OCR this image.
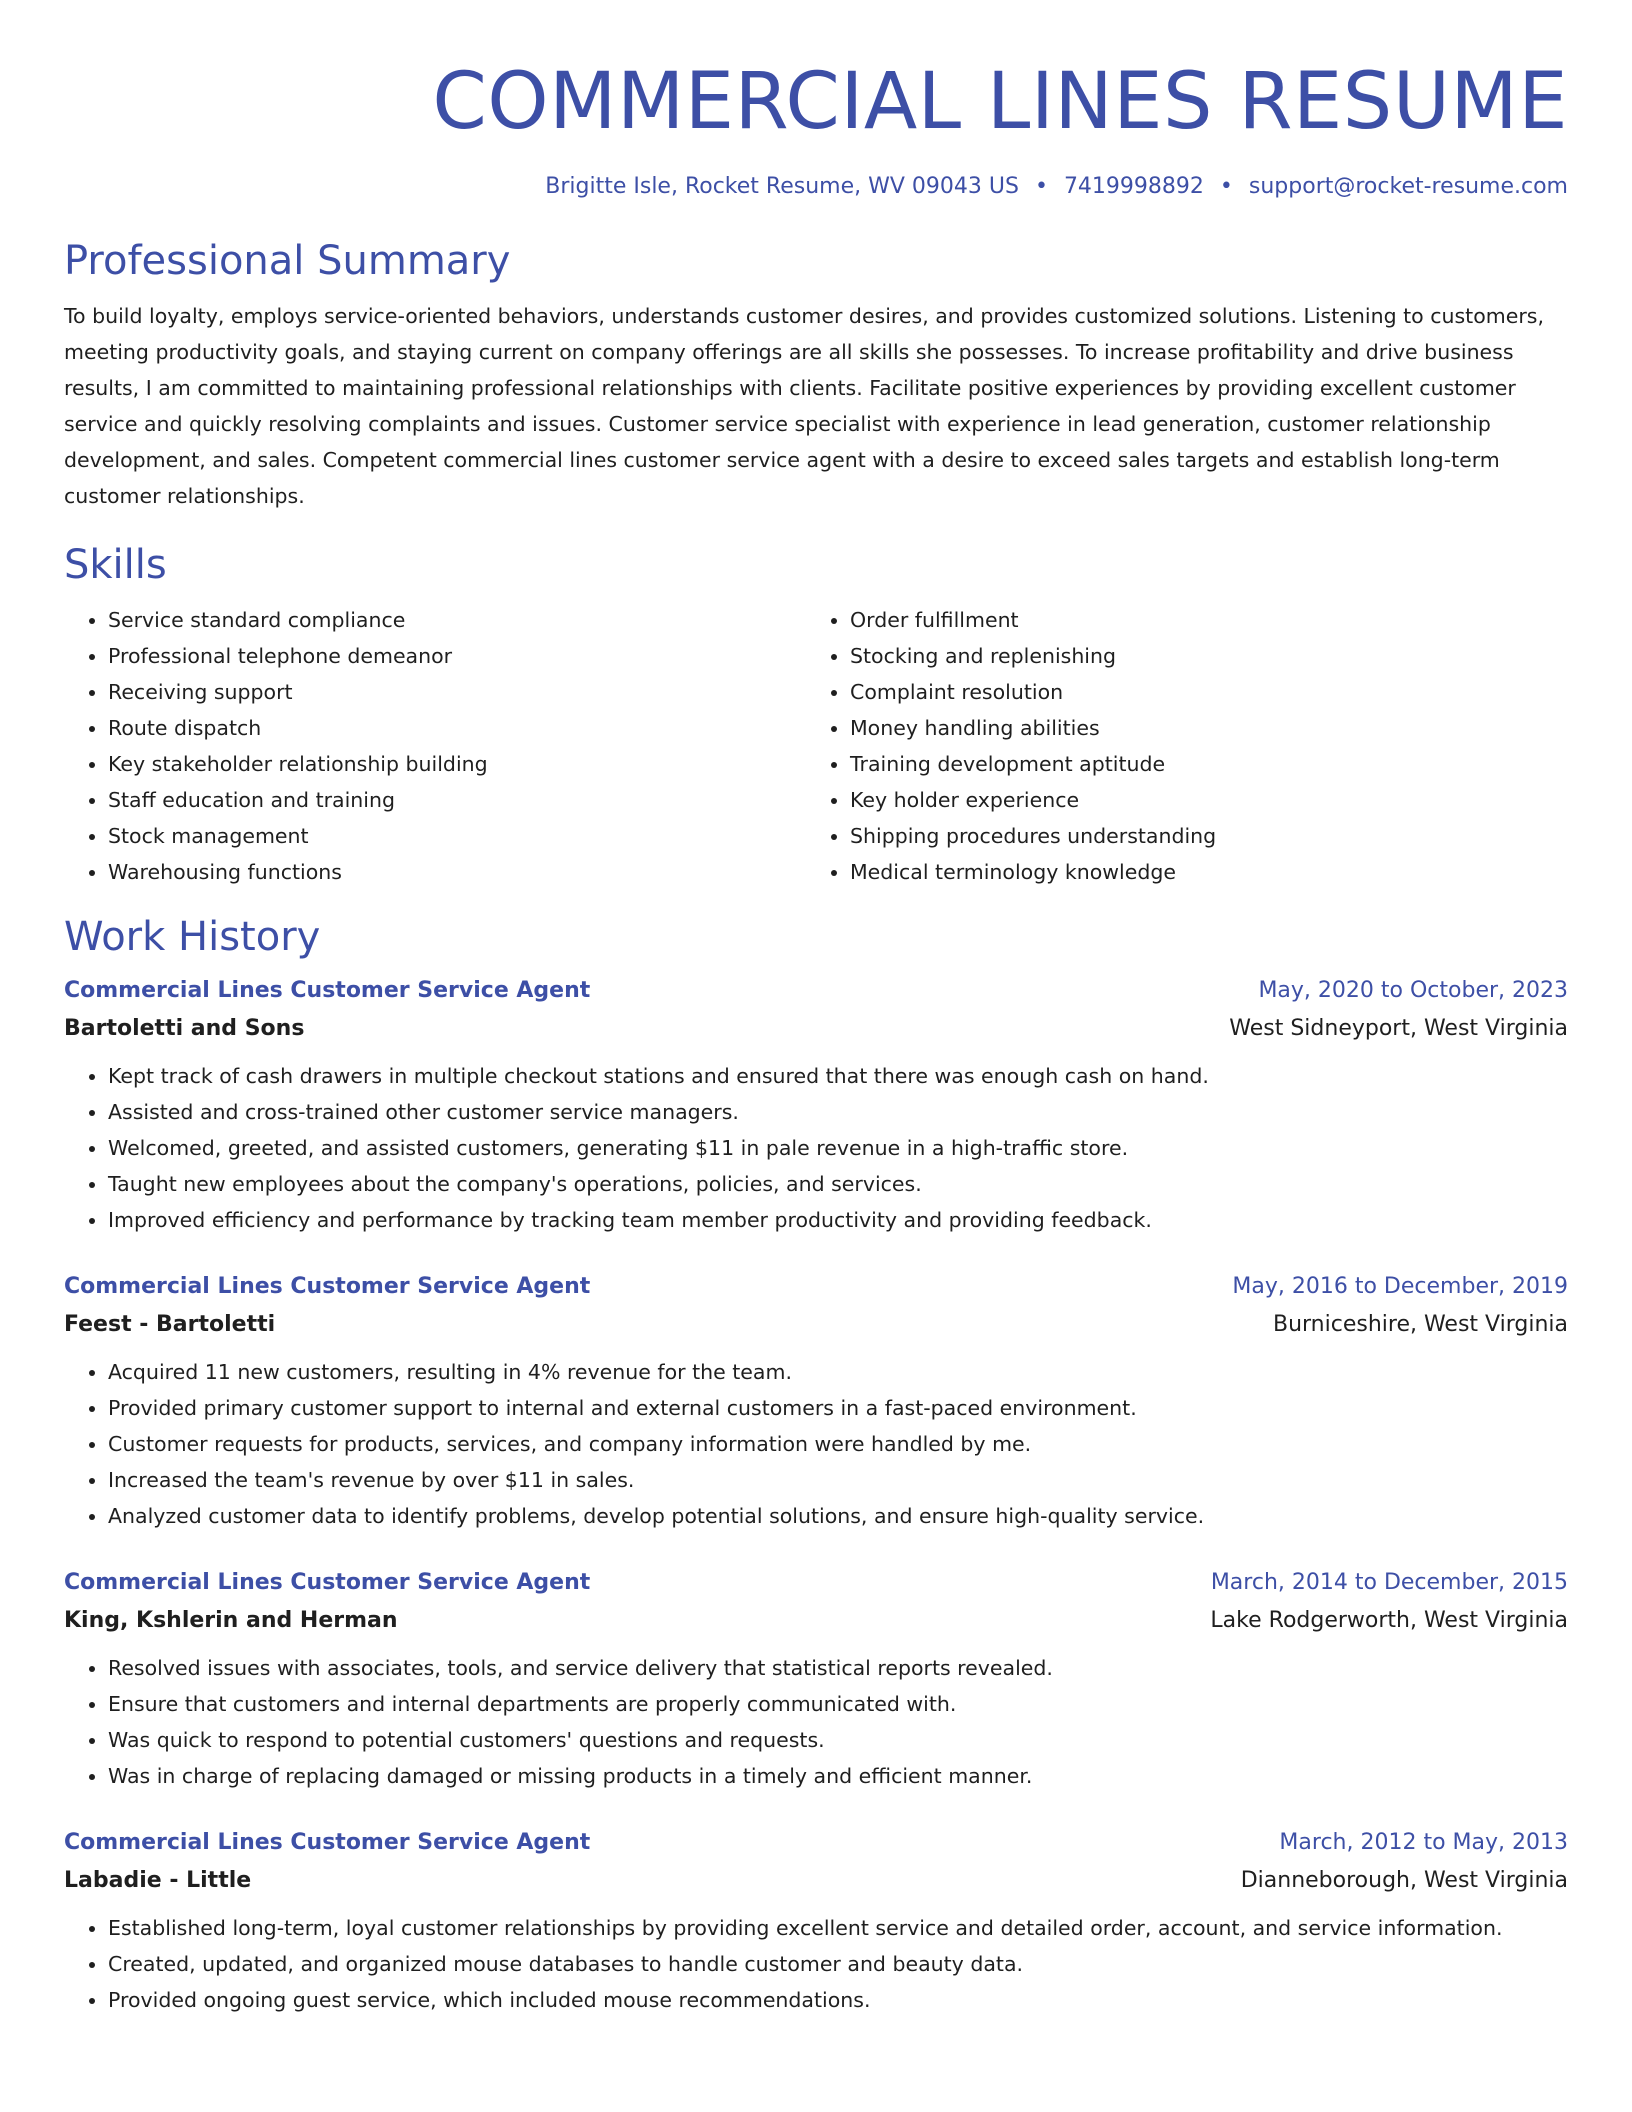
COMMERCIAL LINES RESUME
Brigitte Isle, Rocket Resume, WV 09043 US • 7419998892 • support@rocket-resume.com
Professional Summary

To build loyalty, employs service-oriented behaviors, understands customer desires, and provides customized solutions. Listening to customers, meeting productivity goals, and staying current on company offerings are all skills she possesses. To increase profitability and drive business results, I am committed to maintaining professional relationships with clients. Facilitate positive experiences by providing excellent customer service and quickly resolving complaints and issues. Customer service specialist with experience in lead generation, customer relationship development, and sales. Competent commercial lines customer service agent with a desire to exceed sales targets and establish long-term customer relationships.

Skills
• Service standard compliance
• Professional telephone demeanor
• Receiving support
• Route dispatch
• Key stakeholder relationship building
• Staff education and training
• Stock management
• Warehousing functions
• Order fulfillment
• Stocking and replenishing
• Complaint resolution
• Money handling abilities
• Training development aptitude
• Key holder experience
• Shipping procedures understanding
• Medical terminology knowledge
Work History
Commercial Lines Customer Service Agent	May, 2020 to October, 2023
Bartoletti and Sons	West Sidneyport, West Virginia
• Kept track of cash drawers in multiple checkout stations and ensured that there was enough cash on hand.
• Assisted and cross-trained other customer service managers.
• Welcomed, greeted, and assisted customers, generating $11 in pale revenue in a high-traffic store.
• Taught new employees about the company's operations, policies, and services.
• Improved efficiency and performance by tracking team member productivity and providing feedback.
Commercial Lines Customer Service Agent	May, 2016 to December, 2019
Feest - Bartoletti	Burniceshire, West Virginia
• Acquired 11 new customers, resulting in 4% revenue for the team.
• Provided primary customer support to internal and external customers in a fast-paced environment.
• Customer requests for products, services, and company information were handled by me.
• Increased the team's revenue by over $11 in sales.
• Analyzed customer data to identify problems, develop potential solutions, and ensure high-quality service.
Commercial Lines Customer Service Agent	March, 2014 to December, 2015
King, Kshlerin and Herman	Lake Rodgerworth, West Virginia
• Resolved issues with associates, tools, and service delivery that statistical reports revealed.
• Ensure that customers and internal departments are properly communicated with.
• Was quick to respond to potential customers' questions and requests.
• Was in charge of replacing damaged or missing products in a timely and efficient manner.
Commercial Lines Customer Service Agent	March, 2012 to May, 2013
Labadie - Little	Dianneborough, West Virginia
• Established long-term, loyal customer relationships by providing excellent service and detailed order, account, and service information.
• Created, updated, and organized mouse databases to handle customer and beauty data.
• Provided ongoing guest service, which included mouse recommendations.
